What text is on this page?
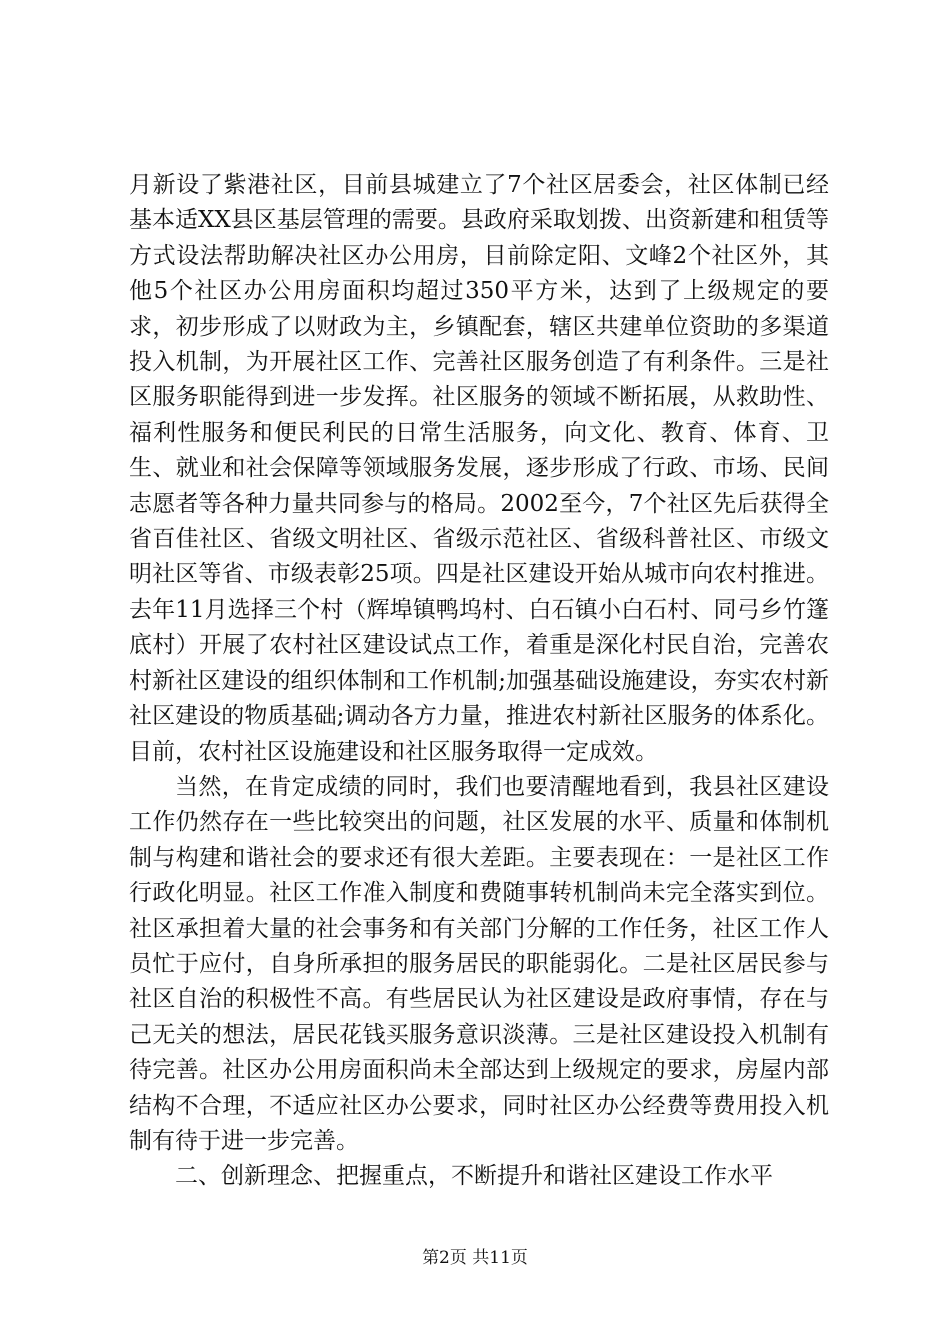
月新设了紫港社区，目前县城建立了7个社区居委会，社区体制已经基本适XX县区基层管理的需要。县政府采取划拨、出资新建和租赁等方式设法帮助解决社区办公用房，目前除定阳、文峰2个社区外，其他5个社区办公用房面积均超过350平方米，达到了上级规定的要求，初步形成了以财政为主，乡镇配套，辖区共建单位资助的多渠道投入机制，为开展社区工作、完善社区服务创造了有利条件。三是社区服务职能得到进一步发挥。社区服务的领域不断拓展，从救助性、福利性服务和便民利民的日常生活服务，向文化、教育、体育、卫生、就业和社会保障等领域服务发展，逐步形成了行政、市场、民间志愿者等各种力量共同参与的格局。2002至今，7个社区先后获得全省百佳社区、省级文明社区、省级示范社区、省级科普社区、市级文明社区等省、市级表彰25项。四是社区建设开始从城市向农村推进。去年11月选择三个村（辉埠镇鸭坞村、白石镇小白石村、同弓乡竹篷底村）开展了农村社区建设试点工作，着重是深化村民自治，完善农村新社区建设的组织体制和工作机制;加强基础设施建设，夯实农村新社区建设的物质基础;调动各方力量，推进农村新社区服务的体系化。目前，农村社区设施建设和社区服务取得一定成效。

当然，在肯定成绩的同时，我们也要清醒地看到，我县社区建设工作仍然存在一些比较突出的问题，社区发展的水平、质量和体制机制与构建和谐社会的要求还有很大差距。主要表现在：一是社区工作行政化明显。社区工作准入制度和费随事转机制尚未完全落实到位。社区承担着大量的社会事务和有关部门分解的工作任务，社区工作人员忙于应付，自身所承担的服务居民的职能弱化。二是社区居民参与社区自治的积极性不高。有些居民认为社区建设是政府事情，存在与己无关的想法，居民花钱买服务意识淡薄。三是社区建设投入机制有待完善。社区办公用房面积尚未全部达到上级规定的要求，房屋内部结构不合理，不适应社区办公要求，同时社区办公经费等费用投入机制有待于进一步完善。

二、创新理念、把握重点，不断提升和谐社区建设工作水平

第2页 共11页
